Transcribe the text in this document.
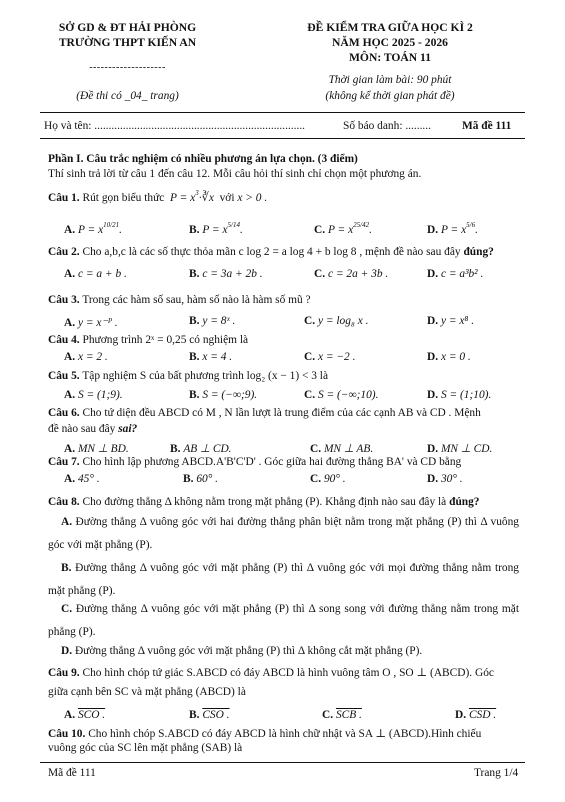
SỞ GD & ĐT HẢI PHÒNG
TRƯỜNG THPT KIẾN AN
--------------------
(Đề thi có _04_ trang)
ĐỀ KIỂM TRA GIỮA HỌC KÌ 2
NĂM HỌC 2025 - 2026
MÔN: TOÁN 11
Thời gian làm bài: 90 phút
(không kể thời gian phát đề)
Họ và tên: ..........................................................................	Số báo danh: .........	Mã đề 111
Phần I. Câu trắc nghiệm có nhiều phương án lựa chọn. (3 điểm)
Thí sinh trả lời từ câu 1 đến câu 12. Mỗi câu hỏi thí sinh chỉ chọn một phương án.
Câu 1. Rút gọn biểu thức  $P = x^3\cdot∛x$  với x > 0 .
A. $P = x^{10/21}$.	B. $P = x^{5/14}$.	C. $P = x^{25/42}$.	D. $P = x^{5/6}$.
Câu 2. Cho a,b,c là các số thực thỏa mãn c log 2 = a log 4 + b log 8 , mệnh đề nào sau đây đúng?
A. c = a + b .	B. c = 3a + 2b .	C. c = 2a + 3b .	D. c = a³b² .
Câu 3. Trong các hàm số sau, hàm số nào là hàm số mũ ?
A. y = x⁻ᴾ .	B. y = 8ˣ .	C. y = log₈ x .	D. y = x⁸ .
Câu 4. Phương trình 2ˣ = 0,25 có nghiệm là
A. x = 2 .	B. x = 4 .	C. x = −2 .	D. x = 0 .
Câu 5. Tập nghiệm S của bất phương trình log₂ (x − 1) < 3 là
A. S = (1;9).	B. S = (−∞;9).	C. S = (−∞;10).	D. S = (1;10).
Câu 6. Cho tứ diện đều ABCD có M , N lần lượt là trung điểm của các cạnh AB và CD . Mệnh
đề nào sau đây sai?
A. MN ⊥ BD.	B. AB ⊥ CD.	C. MN ⊥ AB.	D. MN ⊥ CD.
Câu 7. Cho hình lập phương ABCD.A'B'C'D' . Góc giữa hai đường thẳng BA' và CD bằng
A. 45° .	B. 60° .	C. 90° .	D. 30° .
Câu 8. Cho đường thẳng Δ không nằm trong mặt phẳng (P). Khẳng định nào sau đây là đúng?
A. Đường thẳng Δ vuông góc với hai đường thẳng phân biệt nằm trong mặt phẳng (P) thì Δ vuông góc với mặt phẳng (P).
B. Đường thẳng Δ vuông góc với mặt phẳng (P) thì Δ vuông góc với mọi đường thẳng nằm trong mặt phẳng (P).
C. Đường thẳng Δ vuông góc với mặt phẳng (P) thì Δ song song với đường thẳng nằm trong mặt phẳng (P).
D. Đường thẳng Δ vuông góc với mặt phẳng (P) thì Δ không cắt mặt phẳng (P).
Câu 9. Cho hình chóp tứ giác S.ABCD có đáy ABCD là hình vuông tâm O , SO ⊥ (ABCD). Góc
giữa cạnh bên SC và mặt phẳng (ABCD) là
A. SCO .	B. CSO .	C. SCB .	D. CSD .
Câu 10. Cho hình chóp S.ABCD có đáy ABCD là hình chữ nhật và SA ⊥ (ABCD).Hình chiếu
vuông góc của SC lên mặt phẳng (SAB) là
Mã đề 111	Trang 1/4
